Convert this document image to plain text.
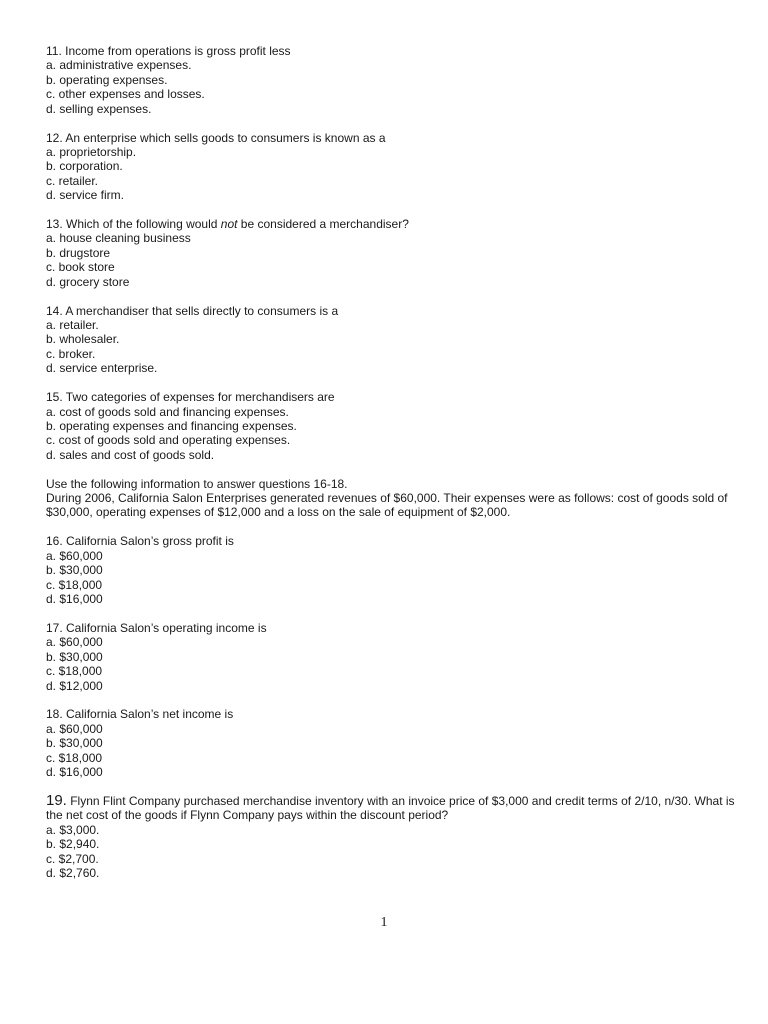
11. Income from operations is gross profit less
a. administrative expenses.
b. operating expenses.
c. other expenses and losses.
d. selling expenses.
12. An enterprise which sells goods to consumers is known as a
a. proprietorship.
b. corporation.
c. retailer.
d. service firm.
13. Which of the following would not be considered a merchandiser?
a. house cleaning business
b. drugstore
c. book store
d. grocery store
14. A merchandiser that sells directly to consumers is a
a. retailer.
b. wholesaler.
c. broker.
d. service enterprise.
15. Two categories of expenses for merchandisers are
a. cost of goods sold and financing expenses.
b. operating expenses and financing expenses.
c. cost of goods sold and operating expenses.
d. sales and cost of goods sold.
Use the following information to answer questions 16-18.
During 2006, California Salon Enterprises generated revenues of $60,000. Their expenses were as follows: cost of goods sold of $30,000, operating expenses of $12,000 and a loss on the sale of equipment of $2,000.
16. California Salon’s gross profit is
a. $60,000
b. $30,000
c. $18,000
d. $16,000
17. California Salon’s operating income is
a. $60,000
b. $30,000
c. $18,000
d. $12,000
18. California Salon’s net income is
a. $60,000
b. $30,000
c. $18,000
d. $16,000
19. Flynn Flint Company purchased merchandise inventory with an invoice price of $3,000 and credit terms of 2/10, n/30. What is the net cost of the goods if Flynn Company pays within the discount period?
a. $3,000.
b. $2,940.
c. $2,700.
d. $2,760.
1
